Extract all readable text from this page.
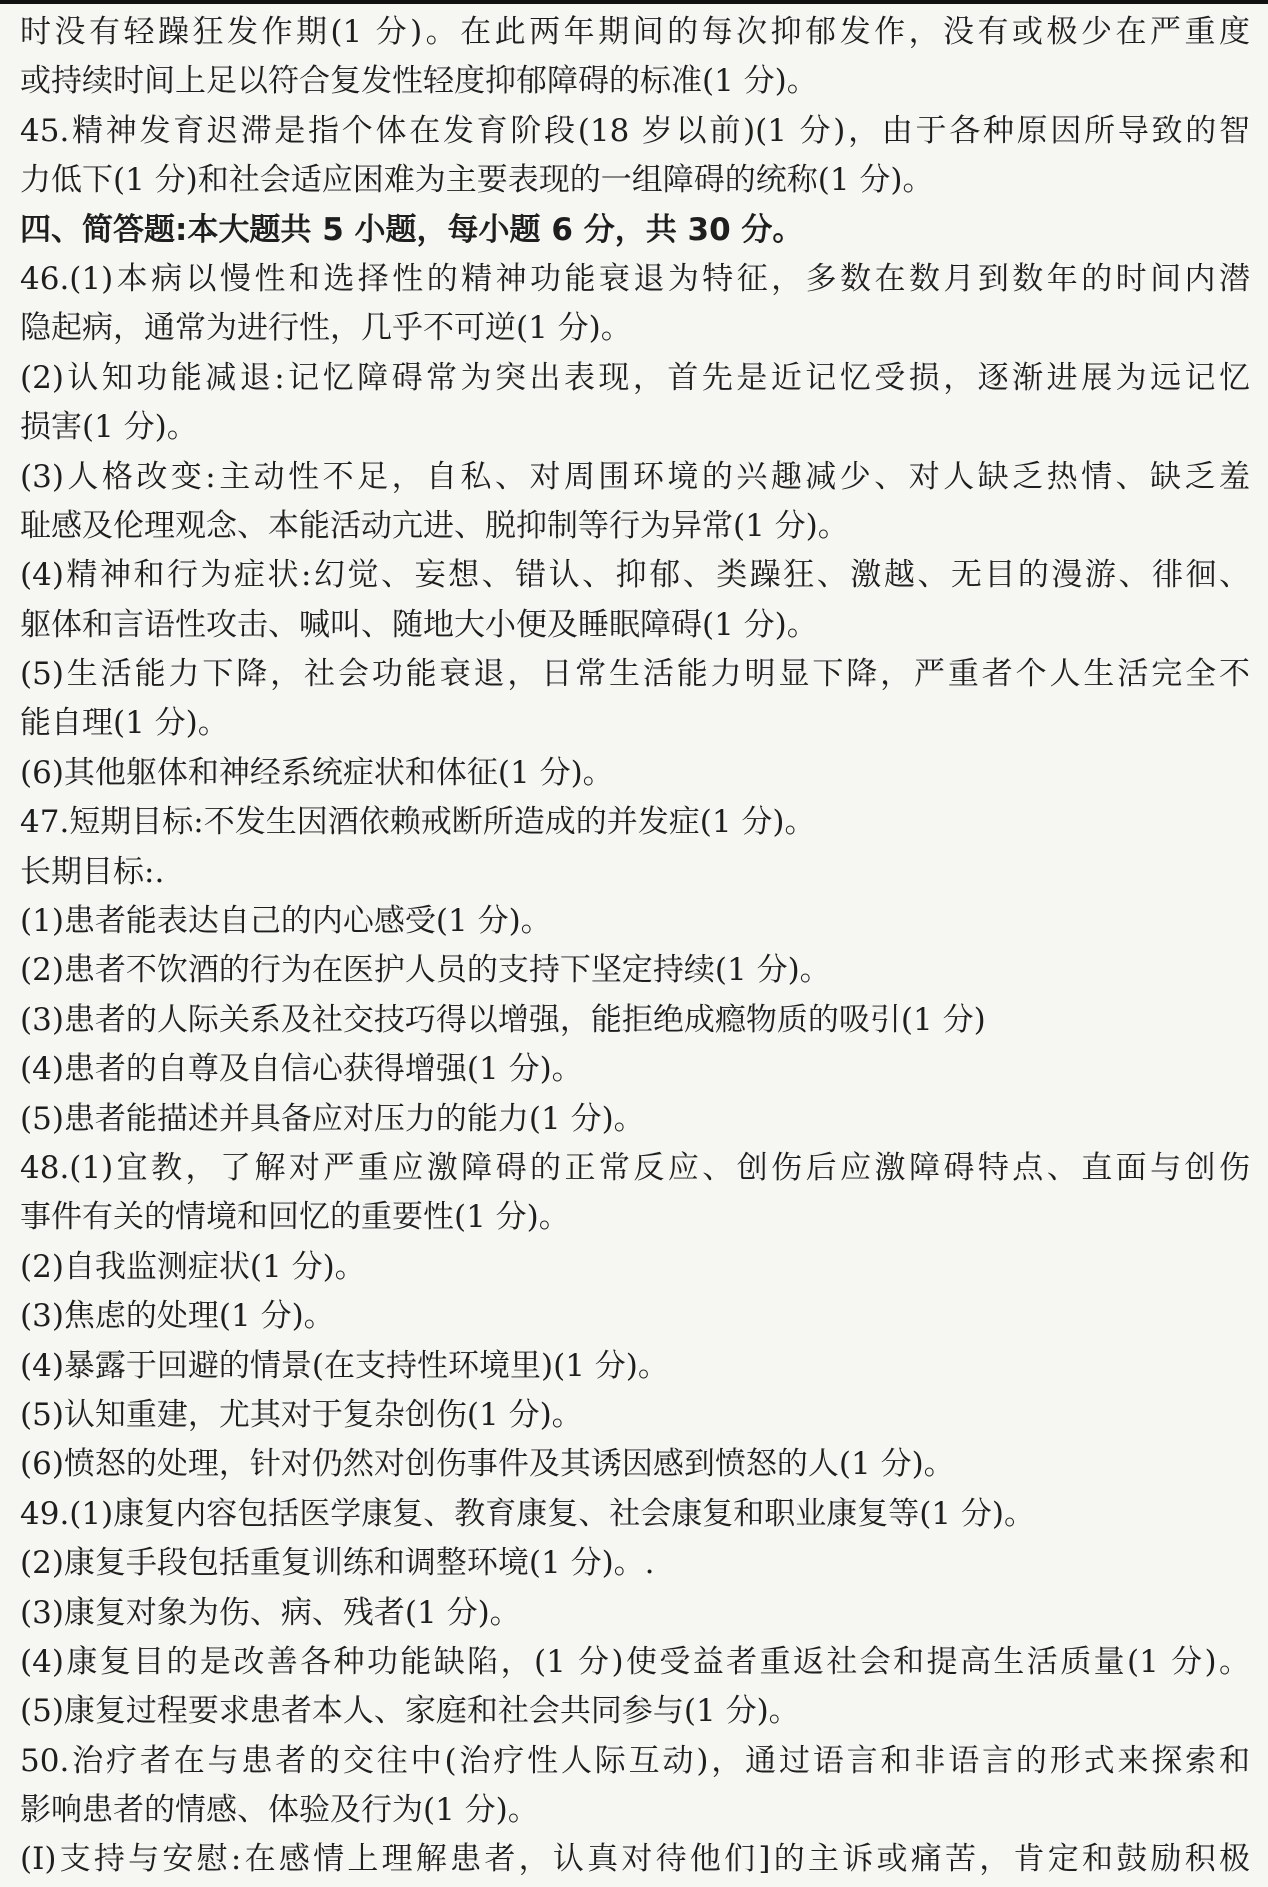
时没有轻躁狂发作期(1 分)。在此两年期间的每次抑郁发作，没有或极少在严重度
或持续时间上足以符合复发性轻度抑郁障碍的标准(1 分)。
45.精神发育迟滞是指个体在发育阶段(18 岁以前)(1 分)，由于各种原因所导致的智
力低下(1 分)和社会适应困难为主要表现的一组障碍的统称(1 分)。
四、简答题:本大题共 5 小题，每小题 6 分，共 30 分。
46.(1)本病以慢性和选择性的精神功能衰退为特征，多数在数月到数年的时间内潜
隐起病，通常为进行性，几乎不可逆(1 分)。
(2)认知功能减退:记忆障碍常为突出表现，首先是近记忆受损，逐渐进展为远记忆
损害(1 分)。
(3)人格改变:主动性不足，自私、对周围环境的兴趣减少、对人缺乏热情、缺乏羞
耻感及伦理观念、本能活动亢进、脱抑制等行为异常(1 分)。
(4)精神和行为症状:幻觉、妄想、错认、抑郁、类躁狂、激越、无目的漫游、徘徊、
躯体和言语性攻击、喊叫、随地大小便及睡眠障碍(1 分)。
(5)生活能力下降，社会功能衰退，日常生活能力明显下降，严重者个人生活完全不
能自理(1 分)。
(6)其他躯体和神经系统症状和体征(1 分)。
47.短期目标:不发生因酒依赖戒断所造成的并发症(1 分)。
长期目标:.
(1)患者能表达自己的内心感受(1 分)。
(2)患者不饮酒的行为在医护人员的支持下坚定持续(1 分)。
(3)患者的人际关系及社交技巧得以增强，能拒绝成瘾物质的吸引(1 分)
(4)患者的自尊及自信心获得增强(1 分)。
(5)患者能描述并具备应对压力的能力(1 分)。
48.(1)宜教，了解对严重应激障碍的正常反应、创伤后应激障碍特点、直面与创伤
事件有关的情境和回忆的重要性(1 分)。
(2)自我监测症状(1 分)。
(3)焦虑的处理(1 分)。
(4)暴露于回避的情景(在支持性环境里)(1 分)。
(5)认知重建，尤其对于复杂创伤(1 分)。
(6)愤怒的处理，针对仍然对创伤事件及其诱因感到愤怒的人(1 分)。
49.(1)康复内容包括医学康复、教育康复、社会康复和职业康复等(1 分)。
(2)康复手段包括重复训练和调整环境(1 分)。.
(3)康复对象为伤、病、残者(1 分)。
(4)康复目的是改善各种功能缺陷，(1 分)使受益者重返社会和提高生活质量(1 分)。
(5)康复过程要求患者本人、家庭和社会共同参与(1 分)。
50.治疗者在与患者的交往中(治疗性人际互动)，通过语言和非语言的形式来探索和
影响患者的情感、体验及行为(1 分)。
(I)支持与安慰:在感情上理解患者，认真对待他们]的主诉或痛苦，肯定和鼓励积极
